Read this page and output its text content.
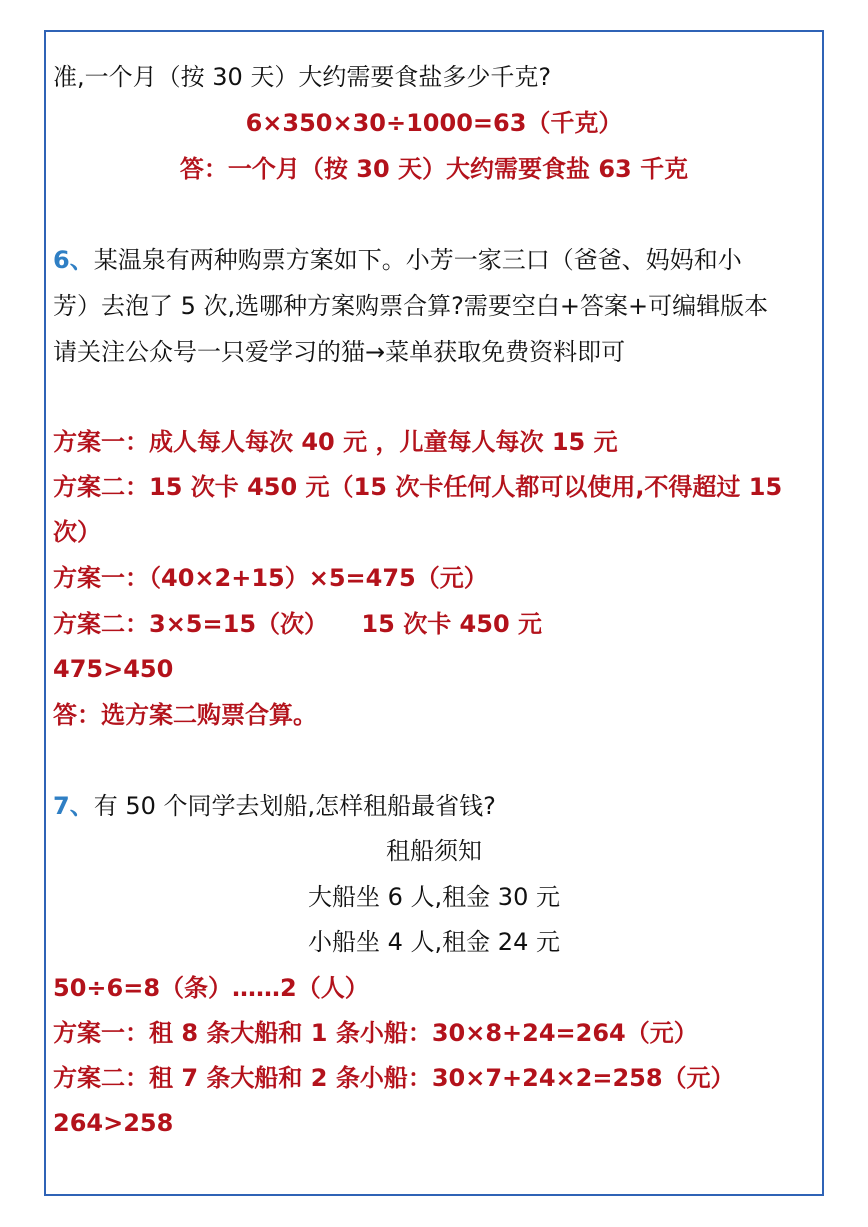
准,一个月（按 30 天）大约需要食盐多少千克?
6×350×30÷1000=63（千克）
答：一个月（按 30 天）大约需要食盐 63 千克
6、某温泉有两种购票方案如下。小芳一家三口（爸爸、妈妈和小
芳）去泡了 5 次,选哪种方案购票合算?需要空白+答案+可编辑版本
请关注公众号一只爱学习的猫→菜单获取免费资料即可
方案一：成人每人每次 40 元 ，儿童每人每次 15 元
方案二：15 次卡 450 元（15 次卡任何人都可以使用,不得超过 15
次）
方案一：（40×2+15）×5=475（元）
方案二：3×5=15（次）    15 次卡 450 元
475>450
答：选方案二购票合算。
7、有 50 个同学去划船,怎样租船最省钱?
租船须知
大船坐 6 人,租金 30 元
小船坐 4 人,租金 24 元
50÷6=8（条）……2（人）
方案一：租 8 条大船和 1 条小船：30×8+24=264（元）
方案二：租 7 条大船和 2 条小船：30×7+24×2=258（元）
264>258
